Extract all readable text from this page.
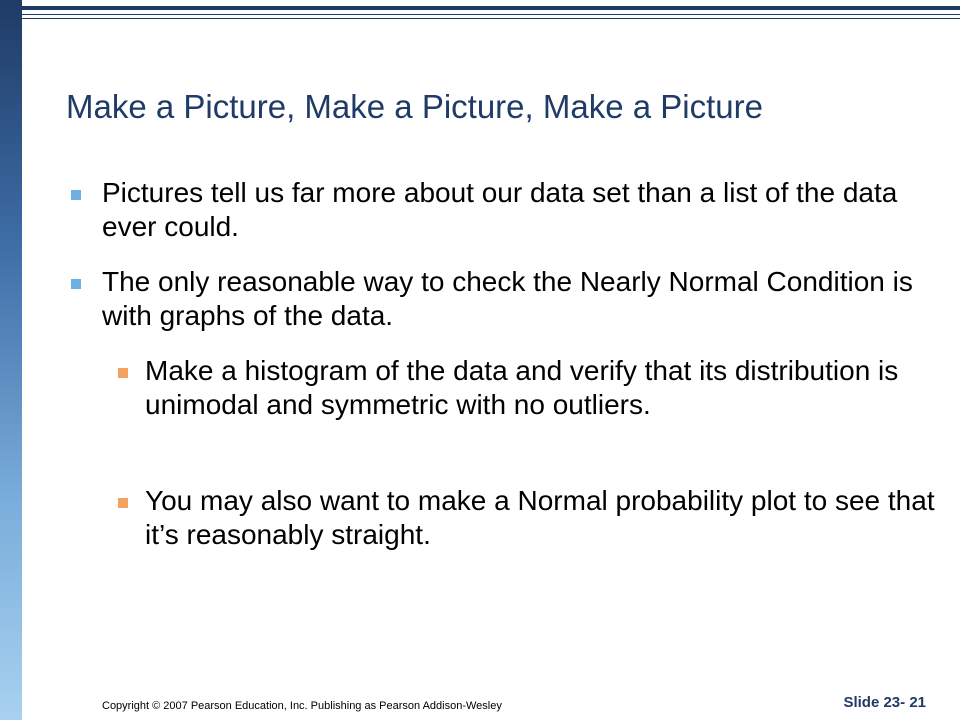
Make a Picture, Make a Picture, Make a Picture

Pictures tell us far more about our data set than a list of the data ever could.

The only reasonable way to check the Nearly Normal Condition is with graphs of the data.

Make a histogram of the data and verify that its distribution is unimodal and symmetric with no outliers.

You may also want to make a Normal probability plot to see that it’s reasonably straight.

Copyright © 2007 Pearson Education, Inc. Publishing as Pearson Addison-Wesley	Slide 23- 21
